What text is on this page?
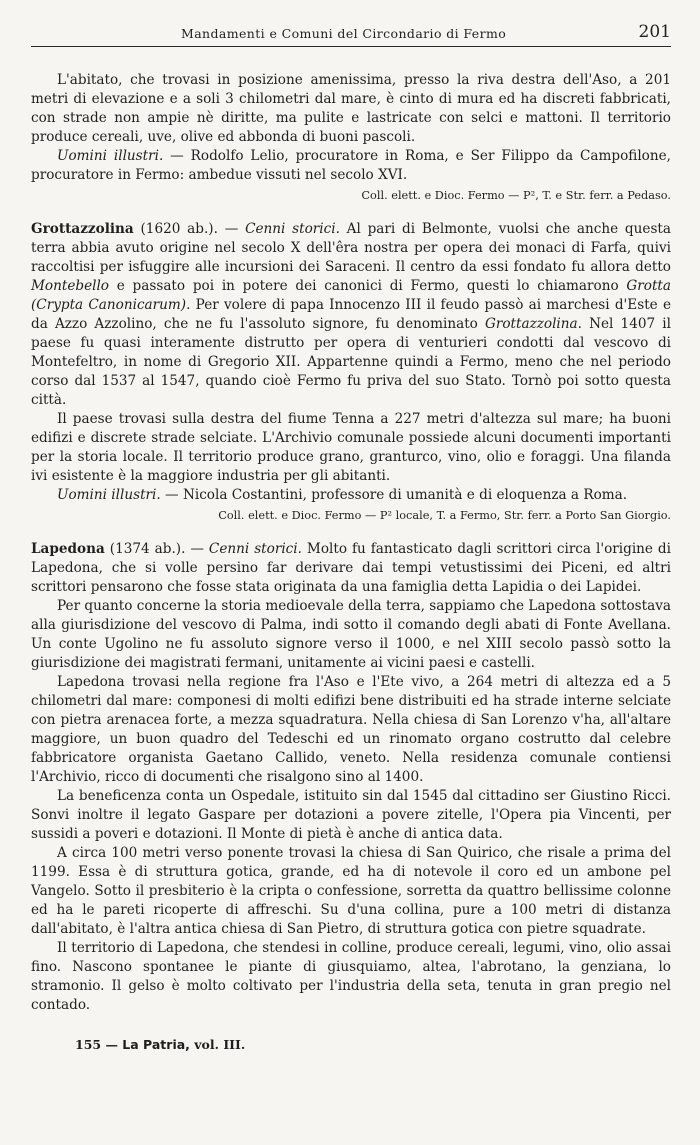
Mandamenti e Comuni del Circondario di Fermo	201

L'abitato, che trovasi in posizione amenissima, presso la riva destra dell'Aso, a 201 metri di elevazione e a soli 3 chilometri dal mare, è cinto di mura ed ha discreti fabbricati, con strade non ampie nè diritte, ma pulite e lastricate con selci e mattoni. Il territorio produce cereali, uve, olive ed abbonda di buoni pascoli.

Uomini illustri. — Rodolfo Lelio, procuratore in Roma, e Ser Filippo da Campofilone, procuratore in Fermo: ambedue vissuti nel secolo XVI.

Coll. elett. e Dioc. Fermo — P², T. e Str. ferr. a Pedaso.

Grottazzolina (1620 ab.). — Cenni storici. Al pari di Belmonte, vuolsi che anche questa terra abbia avuto origine nel secolo X dell'êra nostra per opera dei monaci di Farfa, quivi raccoltisi per isfuggire alle incursioni dei Saraceni. Il centro da essi fondato fu allora detto Montebello e passato poi in potere dei canonici di Fermo, questi lo chiamarono Grotta (Crypta Canonicarum). Per volere di papa Innocenzo III il feudo passò ai marchesi d'Este e da Azzo Azzolino, che ne fu l'assoluto signore, fu denominato Grottazzolina. Nel 1407 il paese fu quasi interamente distrutto per opera di venturieri condotti dal vescovo di Montefeltro, in nome di Gregorio XII. Appartenne quindi a Fermo, meno che nel periodo corso dal 1537 al 1547, quando cioè Fermo fu priva del suo Stato. Tornò poi sotto questa città.

Il paese trovasi sulla destra del fiume Tenna a 227 metri d'altezza sul mare; ha buoni edifizi e discrete strade selciate. L'Archivio comunale possiede alcuni documenti importanti per la storia locale. Il territorio produce grano, granturco, vino, olio e foraggi. Una filanda ivi esistente è la maggiore industria per gli abitanti.

Uomini illustri. — Nicola Costantini, professore di umanità e di eloquenza a Roma.

Coll. elett. e Dioc. Fermo — P² locale, T. a Fermo, Str. ferr. a Porto San Giorgio.

Lapedona (1374 ab.). — Cenni storici. Molto fu fantasticato dagli scrittori circa l'origine di Lapedona, che si volle persino far derivare dai tempi vetustissimi dei Piceni, ed altri scrittori pensarono che fosse stata originata da una famiglia detta Lapidia o dei Lapidei.

Per quanto concerne la storia medioevale della terra, sappiamo che Lapedona sottostava alla giurisdizione del vescovo di Palma, indi sotto il comando degli abati di Fonte Avellana. Un conte Ugolino ne fu assoluto signore verso il 1000, e nel XIII secolo passò sotto la giurisdizione dei magistrati fermani, unitamente ai vicini paesi e castelli.

Lapedona trovasi nella regione fra l'Aso e l'Ete vivo, a 264 metri di altezza ed a 5 chilometri dal mare: componesi di molti edifizi bene distribuiti ed ha strade interne selciate con pietra arenacea forte, a mezza squadratura. Nella chiesa di San Lorenzo v'ha, all'altare maggiore, un buon quadro del Tedeschi ed un rinomato organo costrutto dal celebre fabbricatore organista Gaetano Callido, veneto. Nella residenza comunale contiensi l'Archivio, ricco di documenti che risalgono sino al 1400.

La beneficenza conta un Ospedale, istituito sin dal 1545 dal cittadino ser Giustino Ricci. Sonvi inoltre il legato Gaspare per dotazioni a povere zitelle, l'Opera pia Vincenti, per sussidi a poveri e dotazioni. Il Monte di pietà è anche di antica data.

A circa 100 metri verso ponente trovasi la chiesa di San Quirico, che risale a prima del 1199. Essa è di struttura gotica, grande, ed ha di notevole il coro ed un ambone pel Vangelo. Sotto il presbiterio è la cripta o confessione, sorretta da quattro bellissime colonne ed ha le pareti ricoperte di affreschi. Su d'una collina, pure a 100 metri di distanza dall'abitato, è l'altra antica chiesa di San Pietro, di struttura gotica con pietre squadrate.

Il territorio di Lapedona, che stendesi in colline, produce cereali, legumi, vino, olio assai fino. Nascono spontanee le piante di giusquiamo, altea, l'abrotano, la genziana, lo stramonio. Il gelso è molto coltivato per l'industria della seta, tenuta in gran pregio nel contado.

155 — La Patria, vol. III.
